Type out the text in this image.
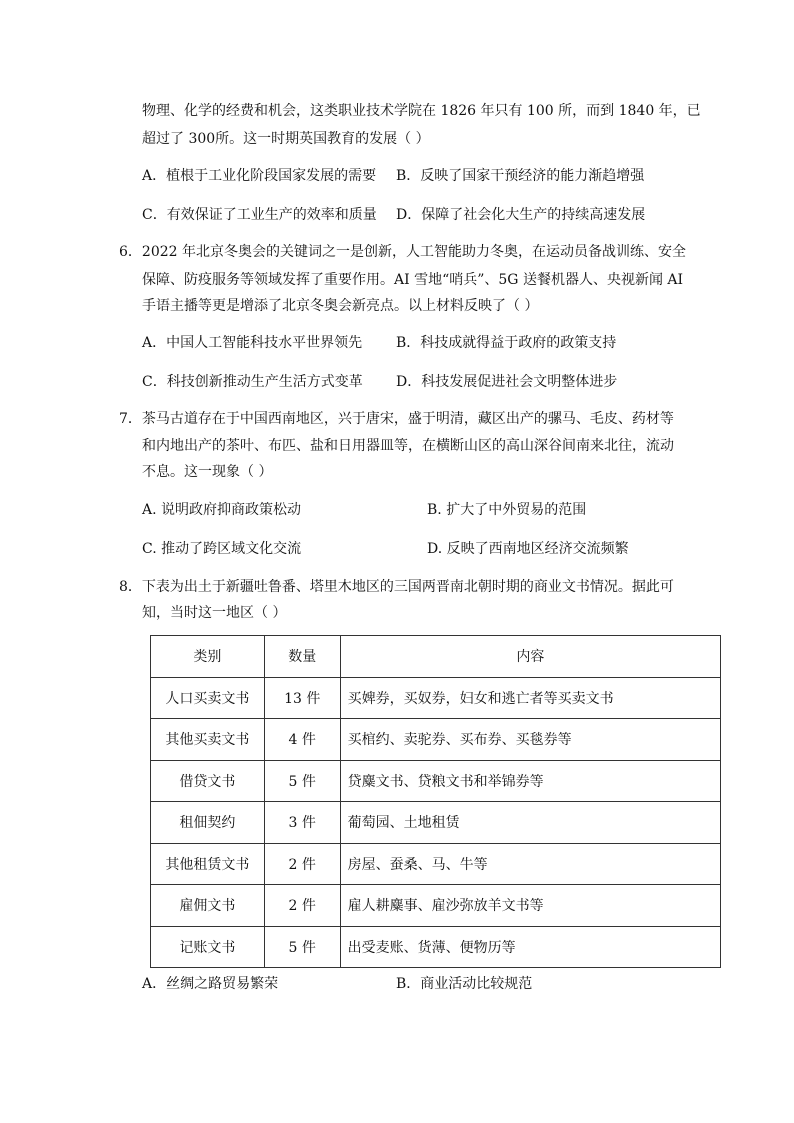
物理、化学的经费和机会，这类职业技术学院在 1826 年只有 100 所，而到 1840 年，已
超过了 300所。这一时期英国教育的发展（ ）
A．植根于工业化阶段国家发展的需要 B．反映了国家干预经济的能力渐趋增强
C．有效保证了工业生产的效率和质量 D．保障了社会化大生产的持续高速发展
6．2022 年北京冬奥会的关键词之一是创新，人工智能助力冬奥，在运动员备战训练、安全
保障、防疫服务等领域发挥了重要作用。AI 雪地“哨兵”、5G 送餐机器人、央视新闻 AI
手语主播等更是增添了北京冬奥会新亮点。以上材料反映了（ ）
A．中国人工智能科技水平世界领先 B．科技成就得益于政府的政策支持
C．科技创新推动生产生活方式变革 D．科技发展促进社会文明整体进步
7．茶马古道存在于中国西南地区，兴于唐宋，盛于明清，藏区出产的骡马、毛皮、药材等
和内地出产的茶叶、布匹、盐和日用器皿等，在横断山区的高山深谷间南来北往，流动
不息。这一现象（ ）
A. 说明政府抑商政策松动	B. 扩大了中外贸易的范围
C. 推动了跨区域文化交流	D. 反映了西南地区经济交流频繁
8．下表为出土于新疆吐鲁番、塔里木地区的三国两晋南北朝时期的商业文书情况。据此可
知，当时这一地区（ ）
类别	数量	内容
人口买卖文书	13 件	买婢券，买奴券，妇女和逃亡者等买卖文书
其他买卖文书	4 件	买棺约、卖驼券、买布券、买毯券等
借贷文书	5 件	贷麋文书、贷粮文书和举锦券等
租佃契约	3 件	葡萄园、土地租赁
其他租赁文书	2 件	房屋、蚕桑、马、牛等
雇佣文书	2 件	雇人耕麋事、雇沙弥放羊文书等
记账文书	5 件	出受麦账、货薄、便物历等
A．丝绸之路贸易繁荣	B．商业活动比较规范
